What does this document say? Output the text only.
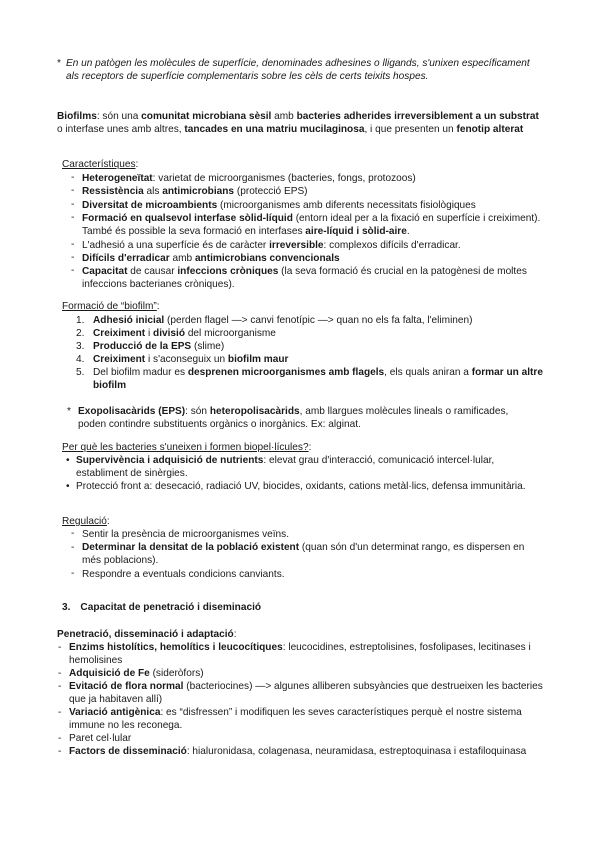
* En un patògen les molècules de superfície, denominades adhesines o lligands, s'unixen específicament als receptors de superfície complementaris sobre les cèls de certs teixits hospes.
Biofilms: són una comunitat microbiana sèsil amb bacteries adherides irreversiblement a un substrat o interfase unes amb altres, tancades en una matriu mucilaginosa, i que presenten un fenotip alterat
Característiques:
- Heterogeneïtat: varietat de microorganismes (bacteries, fongs, protozoos)
- Ressistència als antimicrobians (protecció EPS)
- Diversitat de microambients (microorganismes amb diferents necessitats fisiològiques
- Formació en qualsevol interfase sòlid-líquid (entorn ideal per a la fixació en superfície i creiximent). També és possible la seva formació en interfases aire-líquid i sòlid-aire.
- L'adhesió a una superfície és de caràcter irreversible: complexos difícils d'erradicar.
- Difícils d'erradicar amb antimicrobians convencionals
- Capacitat de causar infeccions cròniques (la seva formació és crucial en la patogènesi de moltes infeccions bacterianes cròniques).
Formació de “biofilm”:
1. Adhesió inicial (perden flagel —> canvi fenotípic —> quan no els fa falta, l'eliminen)
2. Creiximent i divisió del microorganisme
3. Producció de la EPS (slime)
4. Creiximent i s'aconseguix un biofilm maur
5. Del biofilm madur es desprenen microorganismes amb flagels, els quals aniran a formar un altre biofilm
* Exopolisacàrids (EPS): són heteropolisacàrids, amb llargues molècules lineals o ramificades, poden contindre substituents orgànics o inorgànics. Ex: alginat.
Per què les bacteries s'uneixen i formen biopel·lícules?:
• Supervivència i adquisició de nutrients: elevat grau d'interacció, comunicació intercel·lular, establiment de sinèrgies.
• Protecció front a: desecació, radiació UV, biocides, oxidants, cations metàl·lics, defensa immunitària.
Regulació:
- Sentir la presència de microorganismes veïns.
- Determinar la densitat de la població existent (quan són d'un determinat rango, es dispersen en més poblacions).
- Respondre a eventuals condicions canviants.
3. Capacitat de penetració i diseminació
Penetració, disseminació i adaptació:
- Enzims histolítics, hemolítics i leucocítiques: leucocidines, estreptolisines, fosfolipases, lecitinases i hemolisines
- Adquisició de Fe (sideròfors)
- Evitació de flora normal (bacteriocines) —> algunes alliberen subsyàncies que destrueixen les bacteries que ja habitaven allí)
- Variació antigènica: es “disfressen” i modifiquen les seves característiques perquè el nostre sistema immune no les reconega.
- Paret cel·lular
- Factors de disseminació: hialuronidasa, colagenasa, neuramidasa, estreptoquinasa i estafiloquinasa
